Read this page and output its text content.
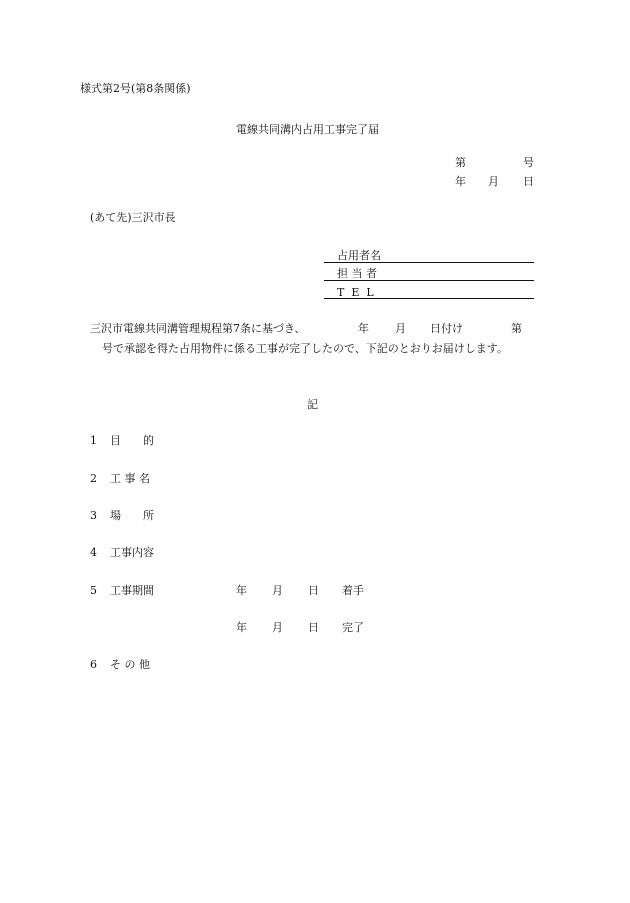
様式第2号(第8条関係)
電線共同溝内占用工事完了届
第	号
年 月 日
(あて先)三沢市長
占用者名
担 当 者
T  E  L
三沢市電線共同溝管理規程第7条に基づき、	年 月 日付け	第
号で承認を得た占用物件に係る工事が完了したので、下記のとおりお届けします。
記
1 目　　的
2 工 事 名
3 場　　所
4 工事内容
5 工事期間	年 月 日 着手
年 月 日 完了
6 そ の 他
